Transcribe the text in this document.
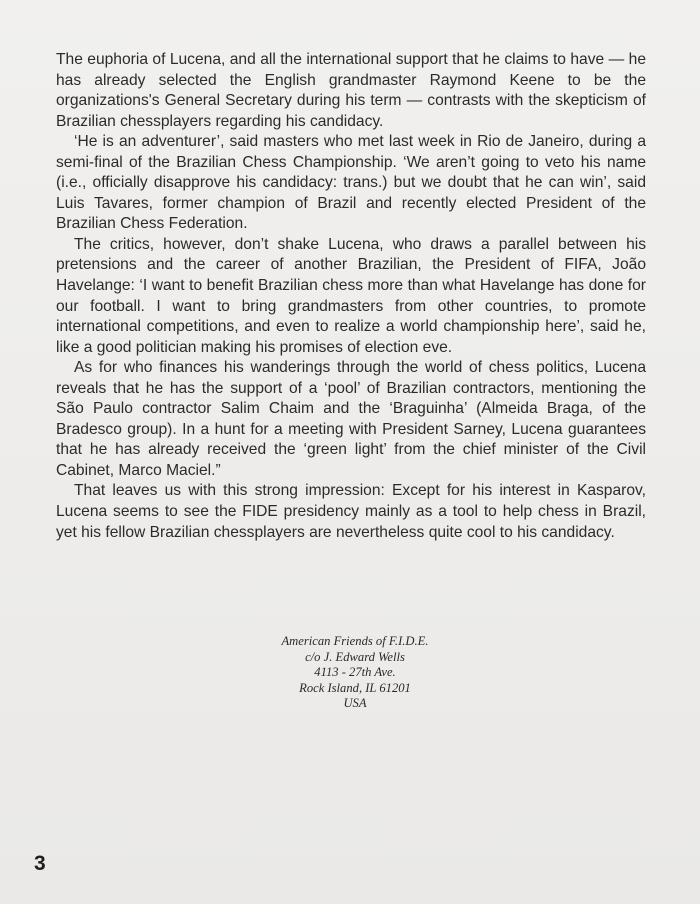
The euphoria of Lucena, and all the international support that he claims to have — he has already selected the English grandmaster Raymond Keene to be the organizations's General Secretary during his term — contrasts with the skepticism of Brazilian chessplayers regarding his candidacy.

‘He is an adventurer’, said masters who met last week in Rio de Janeiro, during a semi-final of the Brazilian Chess Championship. ‘We aren’t going to veto his name (i.e., officially disapprove his candidacy: trans.) but we doubt that he can win’, said Luis Tavares, former champion of Brazil and recently elected President of the Brazilian Chess Federation.

The critics, however, don’t shake Lucena, who draws a parallel between his pretensions and the career of another Brazilian, the President of FIFA, João Havelange: ‘I want to benefit Brazilian chess more than what Havelange has done for our football. I want to bring grandmasters from other countries, to promote international competitions, and even to realize a world championship here’, said he, like a good politician making his promises of election eve.

As for who finances his wanderings through the world of chess politics, Lucena reveals that he has the support of a ‘pool’ of Brazilian contractors, mentioning the São Paulo contractor Salim Chaim and the ‘Braguinha’ (Almeida Braga, of the Bradesco group). In a hunt for a meeting with President Sarney, Lucena guarantees that he has already received the ‘green light’ from the chief minister of the Civil Cabinet, Marco Maciel.”

That leaves us with this strong impression: Except for his interest in Kasparov, Lucena seems to see the FIDE presidency mainly as a tool to help chess in Brazil, yet his fellow Brazilian chessplayers are nevertheless quite cool to his candidacy.

American Friends of F.I.D.E.
c/o J. Edward Wells
4113 - 27th Ave.
Rock Island, IL 61201
USA
3
